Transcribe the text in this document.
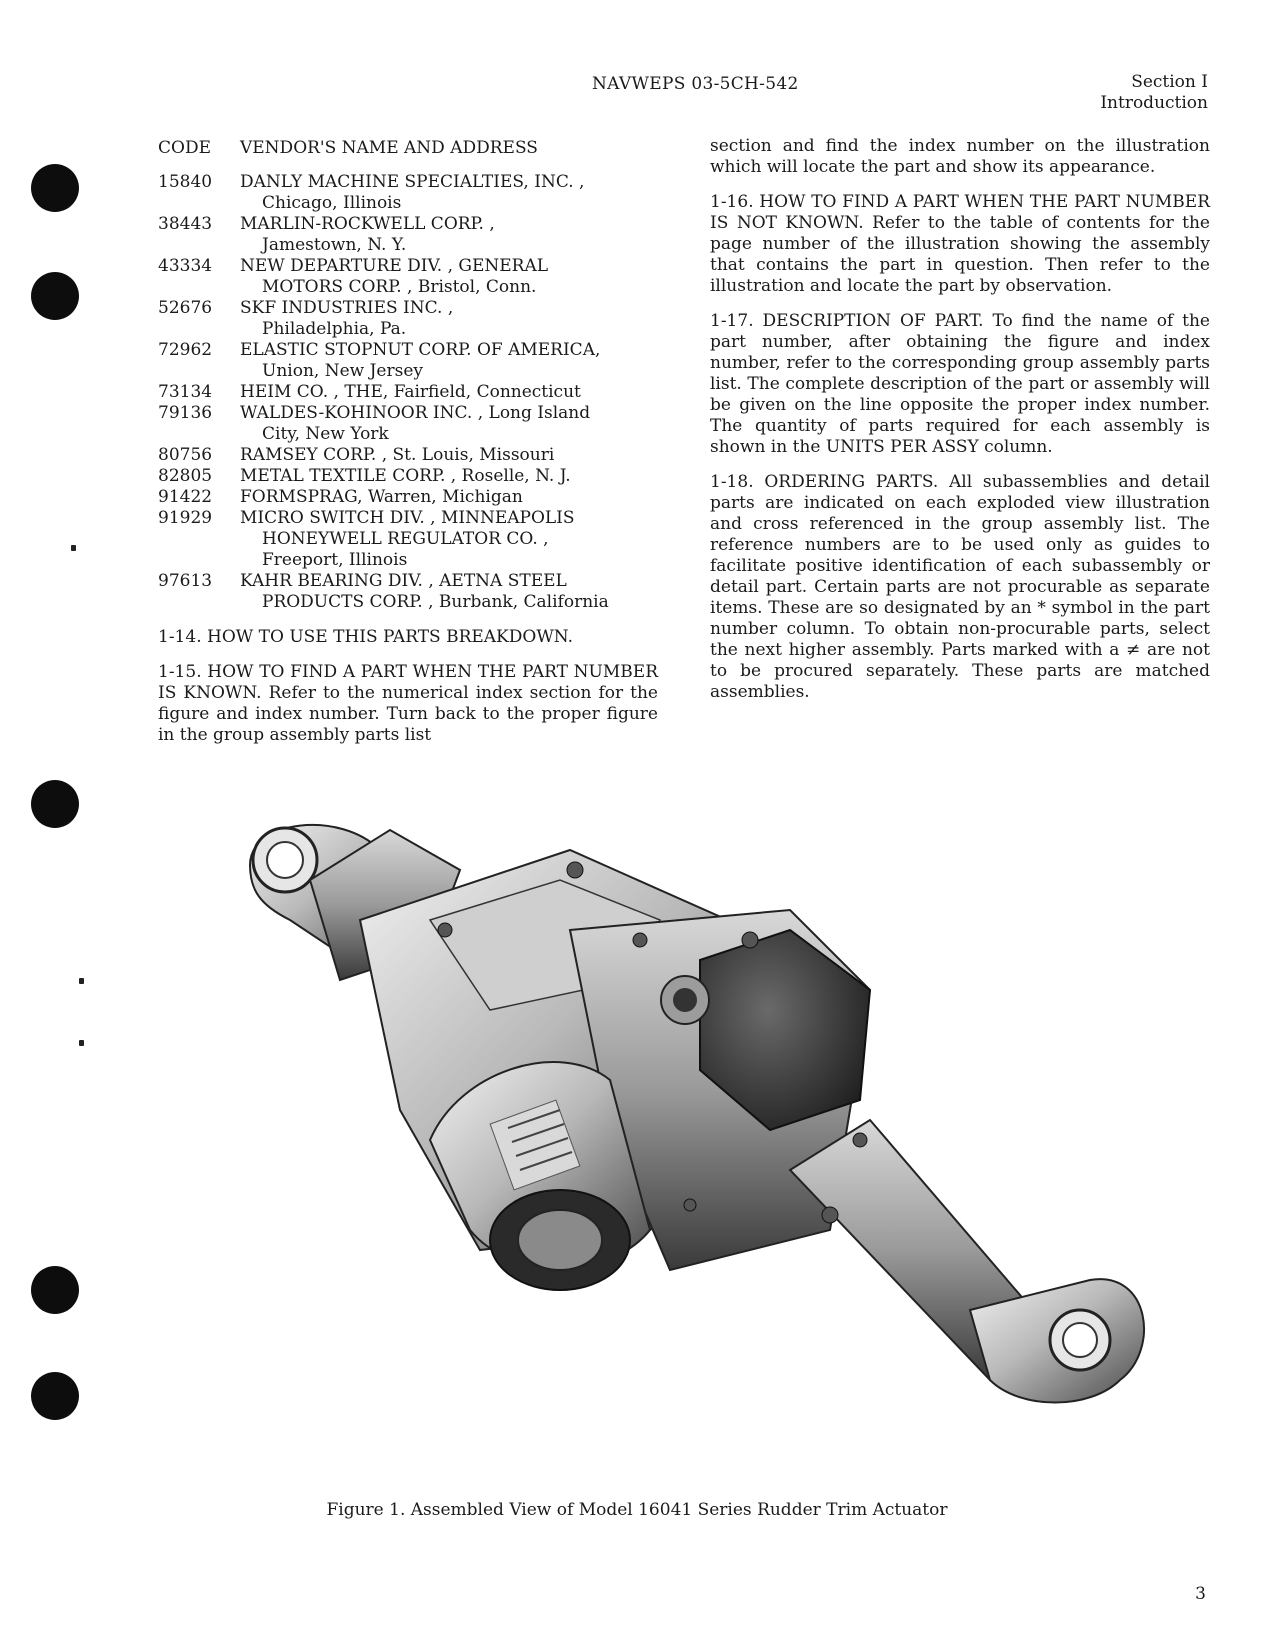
NAVWEPS 03-5CH-542	Section I
Introduction
CODE	VENDOR'S NAME AND ADDRESS
15840	DANLY MACHINE SPECIALTIES, INC. ,
Chicago, Illinois
38443	MARLIN-ROCKWELL CORP. ,
Jamestown, N. Y.
43334	NEW DEPARTURE DIV. , GENERAL
MOTORS CORP. , Bristol, Conn.
52676	SKF INDUSTRIES INC. ,
Philadelphia, Pa.
72962	ELASTIC STOPNUT CORP. OF AMERICA,
Union, New Jersey
73134	HEIM CO. , THE, Fairfield, Connecticut
79136	WALDES-KOHINOOR INC. , Long Island
City, New York
80756	RAMSEY CORP. , St. Louis, Missouri
82805	METAL TEXTILE CORP. , Roselle, N. J.
91422	FORMSPRAG, Warren, Michigan
91929	MICRO SWITCH DIV. , MINNEAPOLIS
HONEYWELL REGULATOR CO. ,
Freeport, Illinois
97613	KAHR BEARING DIV. , AETNA STEEL
PRODUCTS CORP. , Burbank, California

1-14. HOW TO USE THIS PARTS BREAKDOWN.

1-15. HOW TO FIND A PART WHEN THE PART NUMBER IS KNOWN. Refer to the numerical index section for the figure and index number. Turn back to the proper figure in the group assembly parts list

section and find the index number on the illustration which will locate the part and show its appearance.

1-16. HOW TO FIND A PART WHEN THE PART NUMBER IS NOT KNOWN. Refer to the table of contents for the page number of the illustration showing the assembly that contains the part in question. Then refer to the illustration and locate the part by observation.

1-17. DESCRIPTION OF PART. To find the name of the part number, after obtaining the figure and index number, refer to the corresponding group assembly parts list. The complete description of the part or assembly will be given on the line opposite the proper index number. The quantity of parts required for each assembly is shown in the UNITS PER ASSY column.

1-18. ORDERING PARTS. All subassemblies and detail parts are indicated on each exploded view illustration and cross referenced in the group assembly list. The reference numbers are to be used only as guides to facilitate positive identification of each subassembly or detail part. Certain parts are not procurable as separate items. These are so designated by an * symbol in the part number column. To obtain non-procurable parts, select the next higher assembly. Parts marked with a ≠ are not to be procured separately. These parts are matched assemblies.

Figure 1. Assembled View of Model 16041 Series Rudder Trim Actuator
3
